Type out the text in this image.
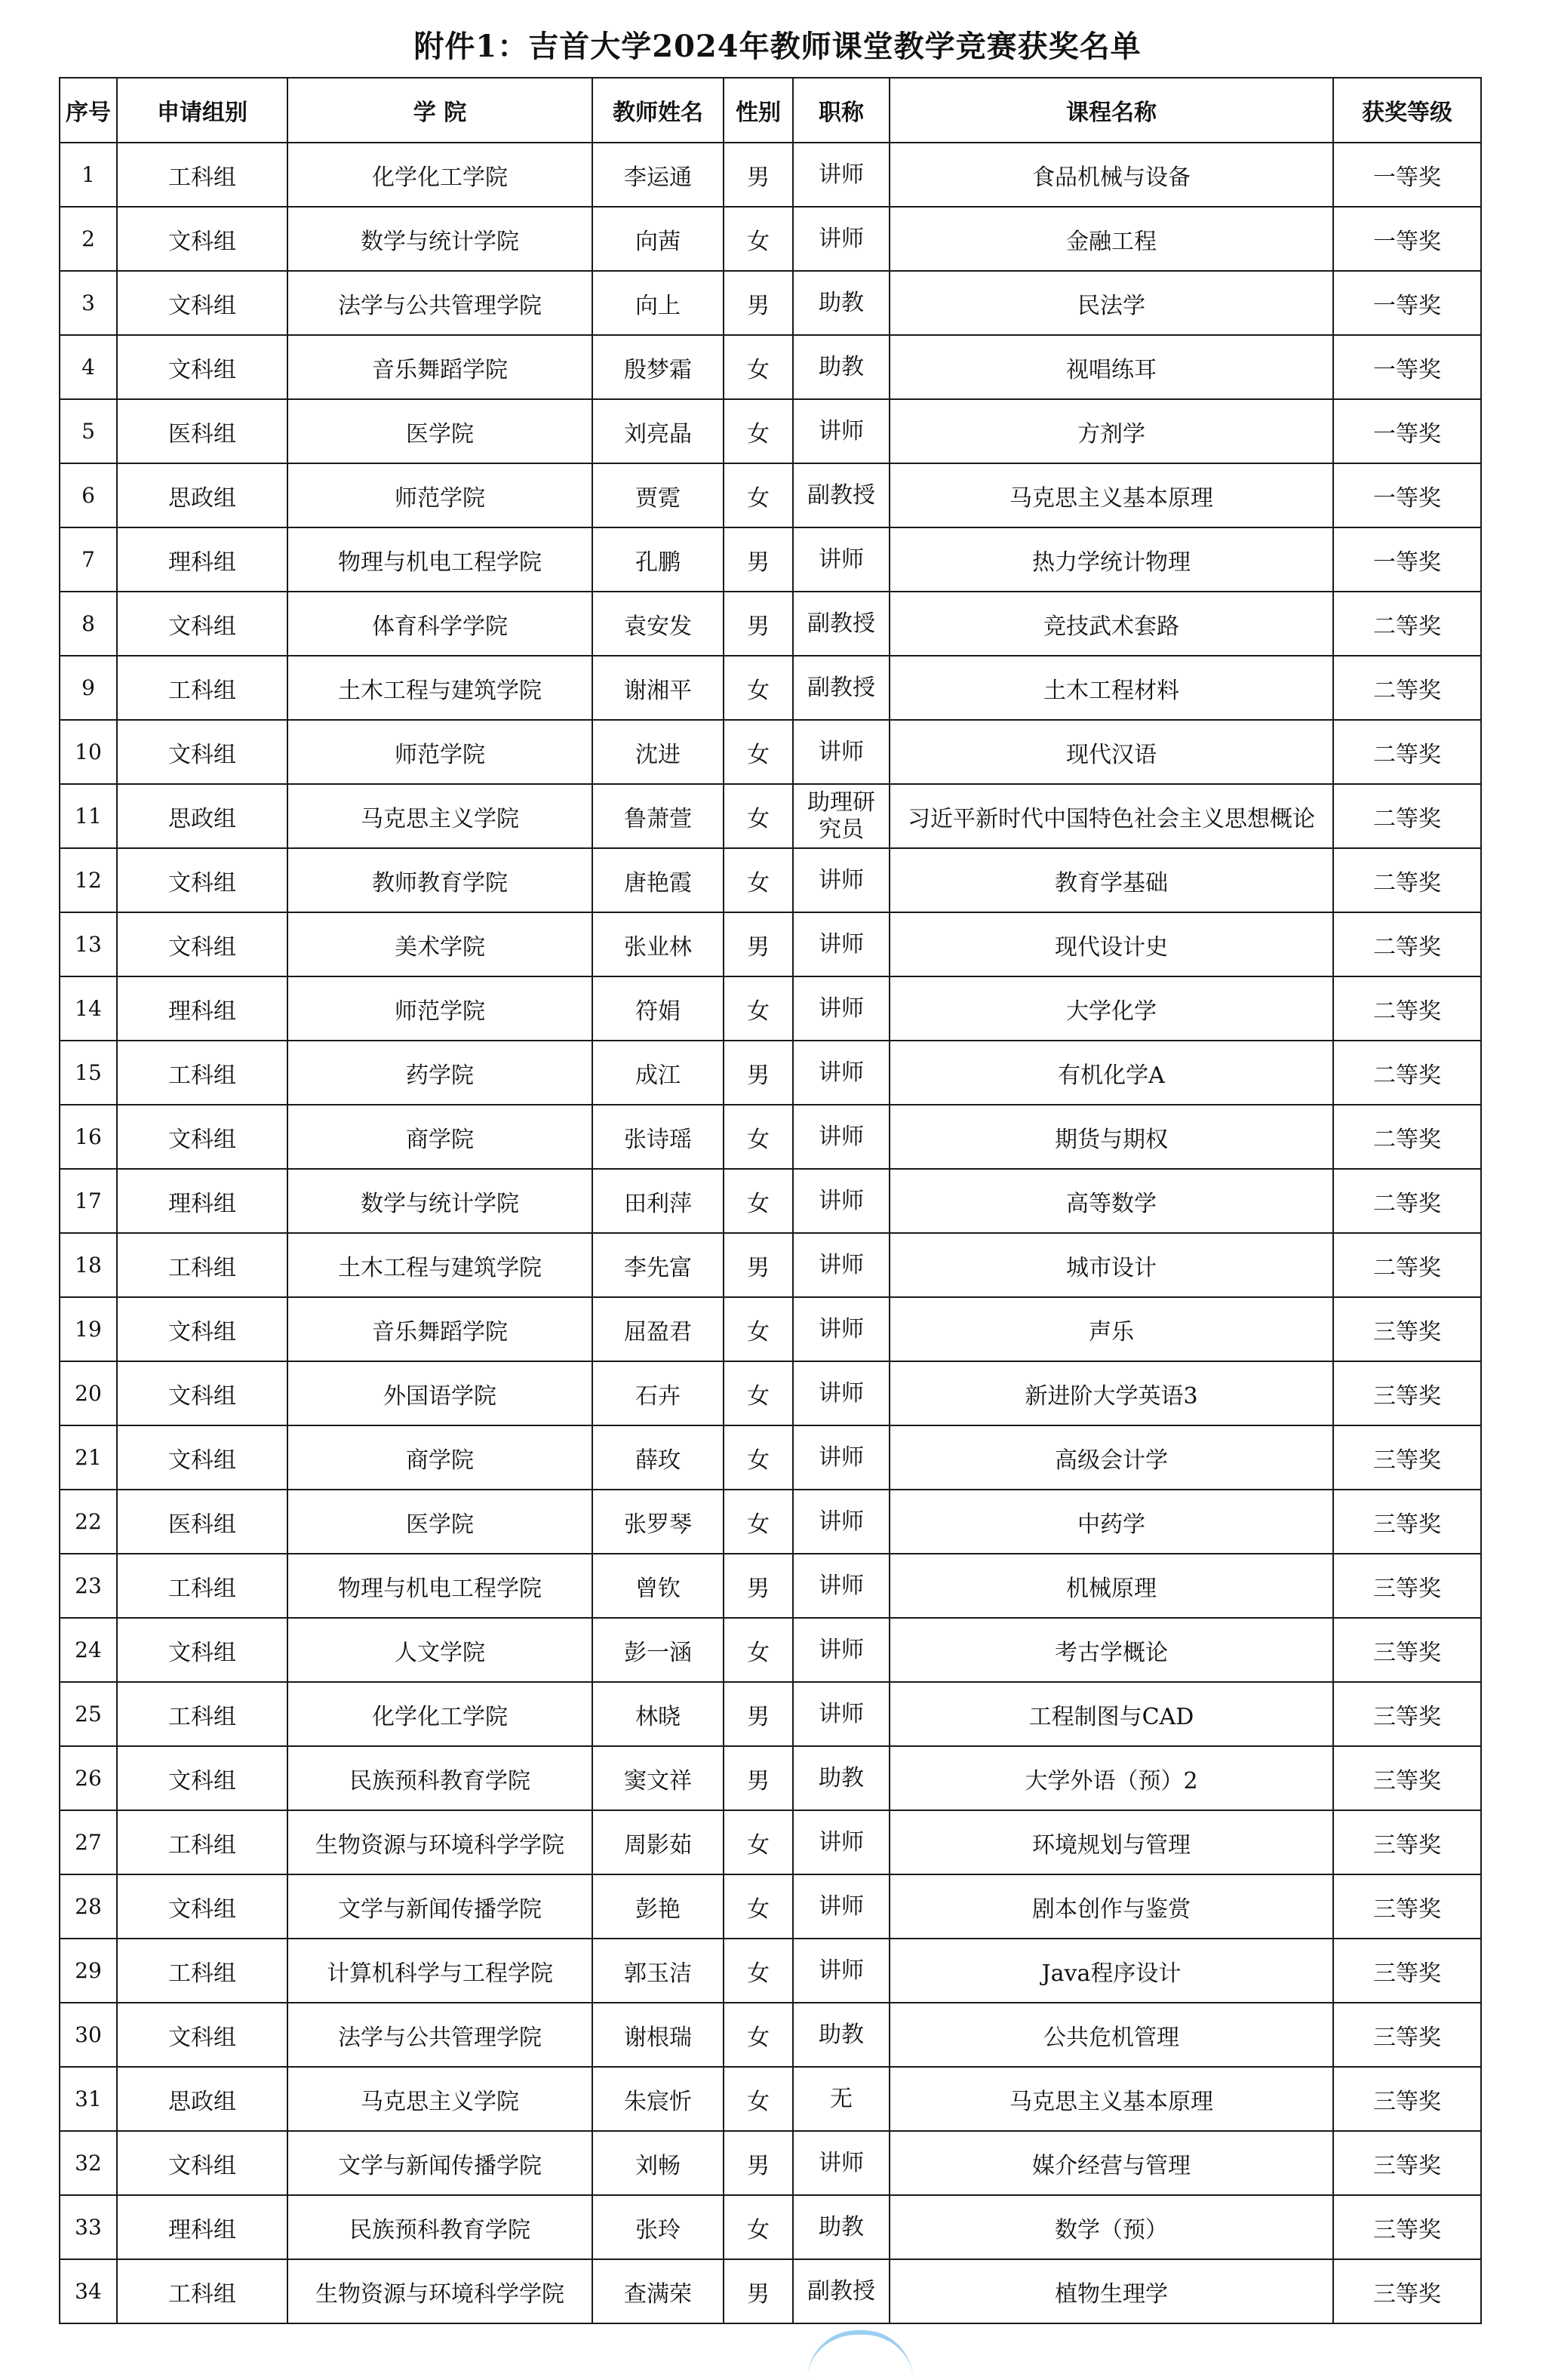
附件1：吉首大学2024年教师课堂教学竞赛获奖名单
序号	申请组别	学 院	教师姓名	性别	职称	课程名称	获奖等级
1	工科组	化学化工学院	李运通	男	讲师	食品机械与设备	一等奖
2	文科组	数学与统计学院	向茜	女	讲师	金融工程	一等奖
3	文科组	法学与公共管理学院	向上	男	助教	民法学	一等奖
4	文科组	音乐舞蹈学院	殷梦霜	女	助教	视唱练耳	一等奖
5	医科组	医学院	刘亮晶	女	讲师	方剂学	一等奖
6	思政组	师范学院	贾霓	女	副教授	马克思主义基本原理	一等奖
7	理科组	物理与机电工程学院	孔鹏	男	讲师	热力学统计物理	一等奖
8	文科组	体育科学学院	袁安发	男	副教授	竞技武术套路	二等奖
9	工科组	土木工程与建筑学院	谢湘平	女	副教授	土木工程材料	二等奖
10	文科组	师范学院	沈进	女	讲师	现代汉语	二等奖
11	思政组	马克思主义学院	鲁萧萱	女	助理研究员	习近平新时代中国特色社会主义思想概论	二等奖
12	文科组	教师教育学院	唐艳霞	女	讲师	教育学基础	二等奖
13	文科组	美术学院	张业林	男	讲师	现代设计史	二等奖
14	理科组	师范学院	符娟	女	讲师	大学化学	二等奖
15	工科组	药学院	成江	男	讲师	有机化学A	二等奖
16	文科组	商学院	张诗瑶	女	讲师	期货与期权	二等奖
17	理科组	数学与统计学院	田利萍	女	讲师	高等数学	二等奖
18	工科组	土木工程与建筑学院	李先富	男	讲师	城市设计	二等奖
19	文科组	音乐舞蹈学院	屈盈君	女	讲师	声乐	三等奖
20	文科组	外国语学院	石卉	女	讲师	新进阶大学英语3	三等奖
21	文科组	商学院	薛玫	女	讲师	高级会计学	三等奖
22	医科组	医学院	张罗琴	女	讲师	中药学	三等奖
23	工科组	物理与机电工程学院	曾钦	男	讲师	机械原理	三等奖
24	文科组	人文学院	彭一涵	女	讲师	考古学概论	三等奖
25	工科组	化学化工学院	林晓	男	讲师	工程制图与CAD	三等奖
26	文科组	民族预科教育学院	窦文祥	男	助教	大学外语（预）2	三等奖
27	工科组	生物资源与环境科学学院	周影茹	女	讲师	环境规划与管理	三等奖
28	文科组	文学与新闻传播学院	彭艳	女	讲师	剧本创作与鉴赏	三等奖
29	工科组	计算机科学与工程学院	郭玉洁	女	讲师	Java程序设计	三等奖
30	文科组	法学与公共管理学院	谢根瑞	女	助教	公共危机管理	三等奖
31	思政组	马克思主义学院	朱宸忻	女	无	马克思主义基本原理	三等奖
32	文科组	文学与新闻传播学院	刘畅	男	讲师	媒介经营与管理	三等奖
33	理科组	民族预科教育学院	张玲	女	助教	数学（预）	三等奖
34	工科组	生物资源与环境科学学院	查满荣	男	副教授	植物生理学	三等奖
